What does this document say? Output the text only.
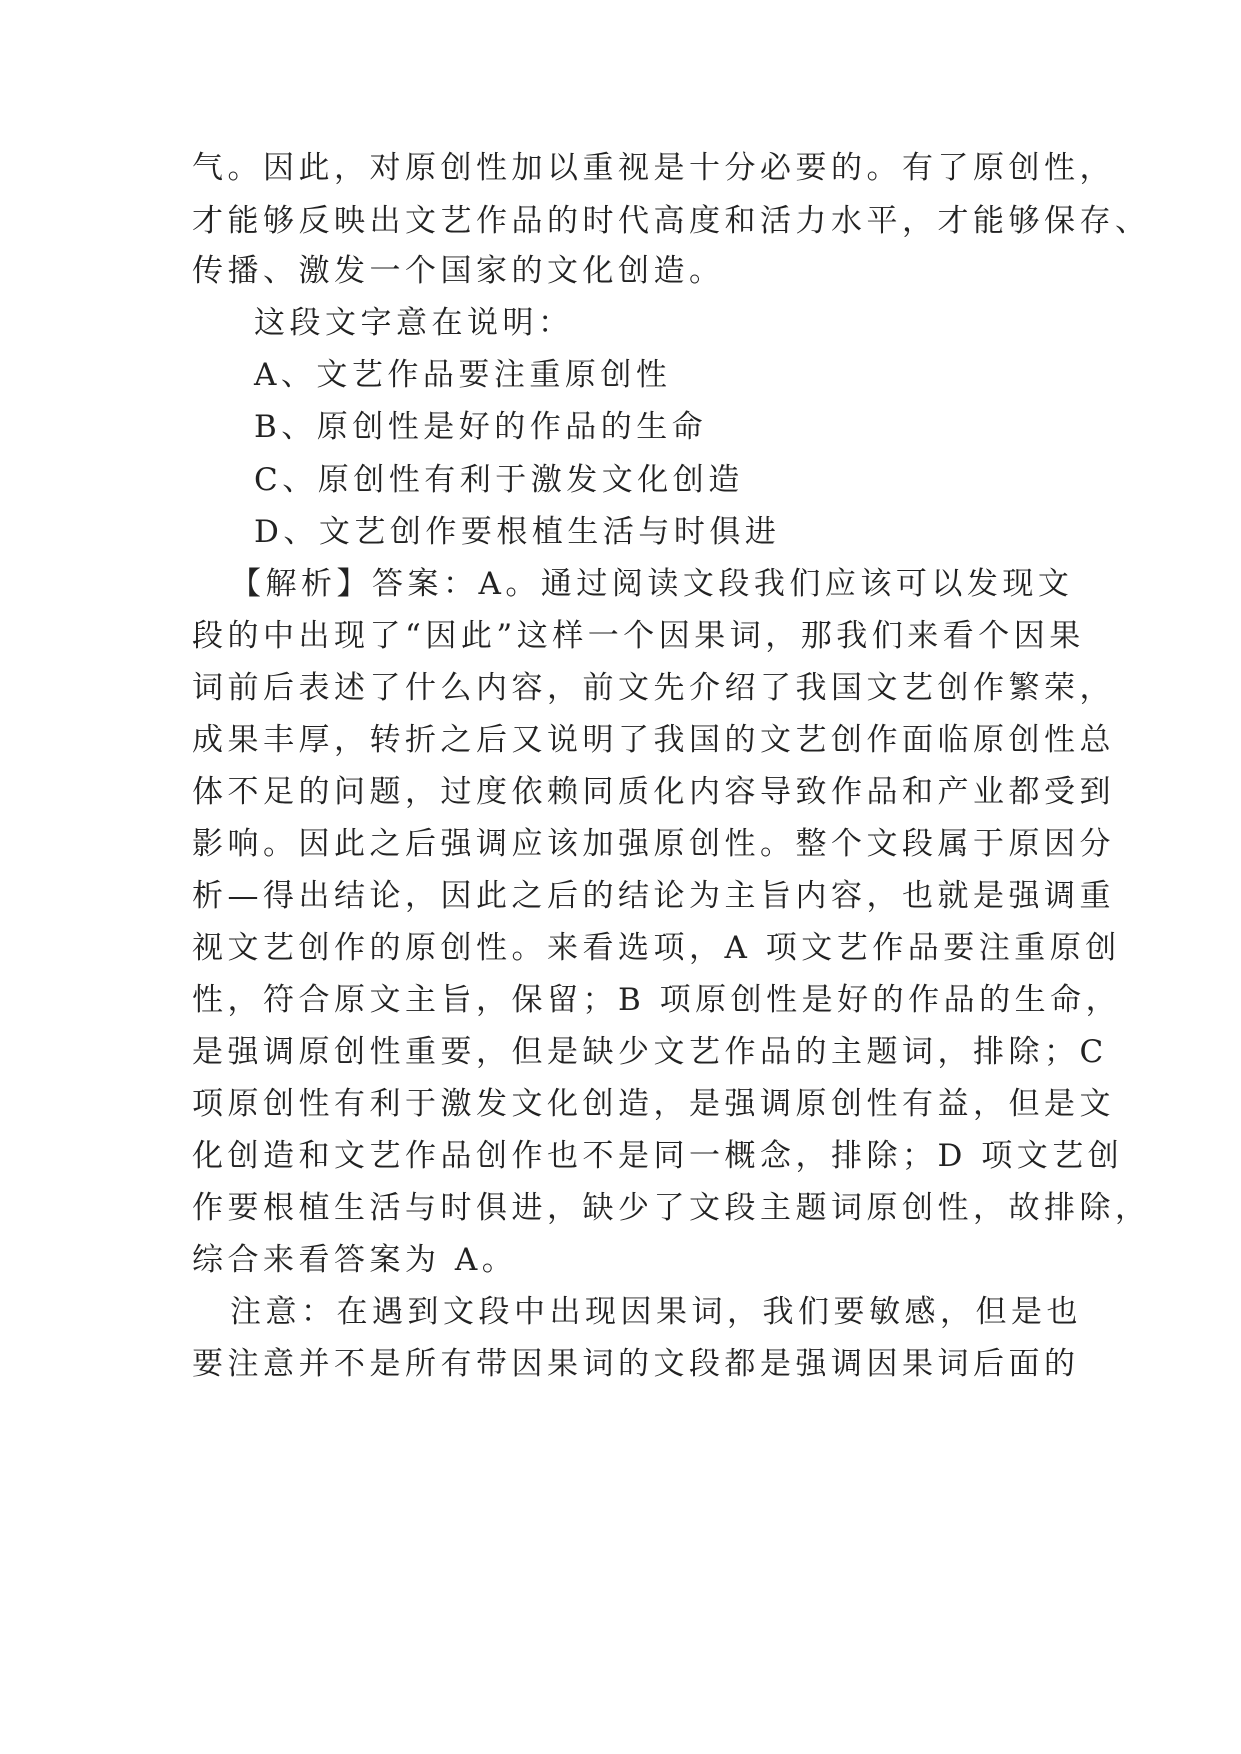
气。因此，对原创性加以重视是十分必要的。有了原创性，

才能够反映出文艺作品的时代高度和活力水平，才能够保存、

传播、激发一个国家的文化创造。

这段文字意在说明：

A、文艺作品要注重原创性

B、原创性是好的作品的生命

C、原创性有利于激发文化创造

D、文艺创作要根植生活与时俱进

【解析】答案：A。通过阅读文段我们应该可以发现文

段的中出现了“因此”这样一个因果词，那我们来看个因果

词前后表述了什么内容，前文先介绍了我国文艺创作繁荣，

成果丰厚，转折之后又说明了我国的文艺创作面临原创性总

体不足的问题，过度依赖同质化内容导致作品和产业都受到

影响。因此之后强调应该加强原创性。整个文段属于原因分

析—得出结论，因此之后的结论为主旨内容，也就是强调重

视文艺创作的原创性。来看选项，A 项文艺作品要注重原创

性，符合原文主旨，保留；B 项原创性是好的作品的生命，

是强调原创性重要，但是缺少文艺作品的主题词，排除；C

项原创性有利于激发文化创造，是强调原创性有益，但是文

化创造和文艺作品创作也不是同一概念，排除；D 项文艺创

作要根植生活与时俱进，缺少了文段主题词原创性，故排除，

综合来看答案为 A。

注意：在遇到文段中出现因果词，我们要敏感，但是也

要注意并不是所有带因果词的文段都是强调因果词后面的
